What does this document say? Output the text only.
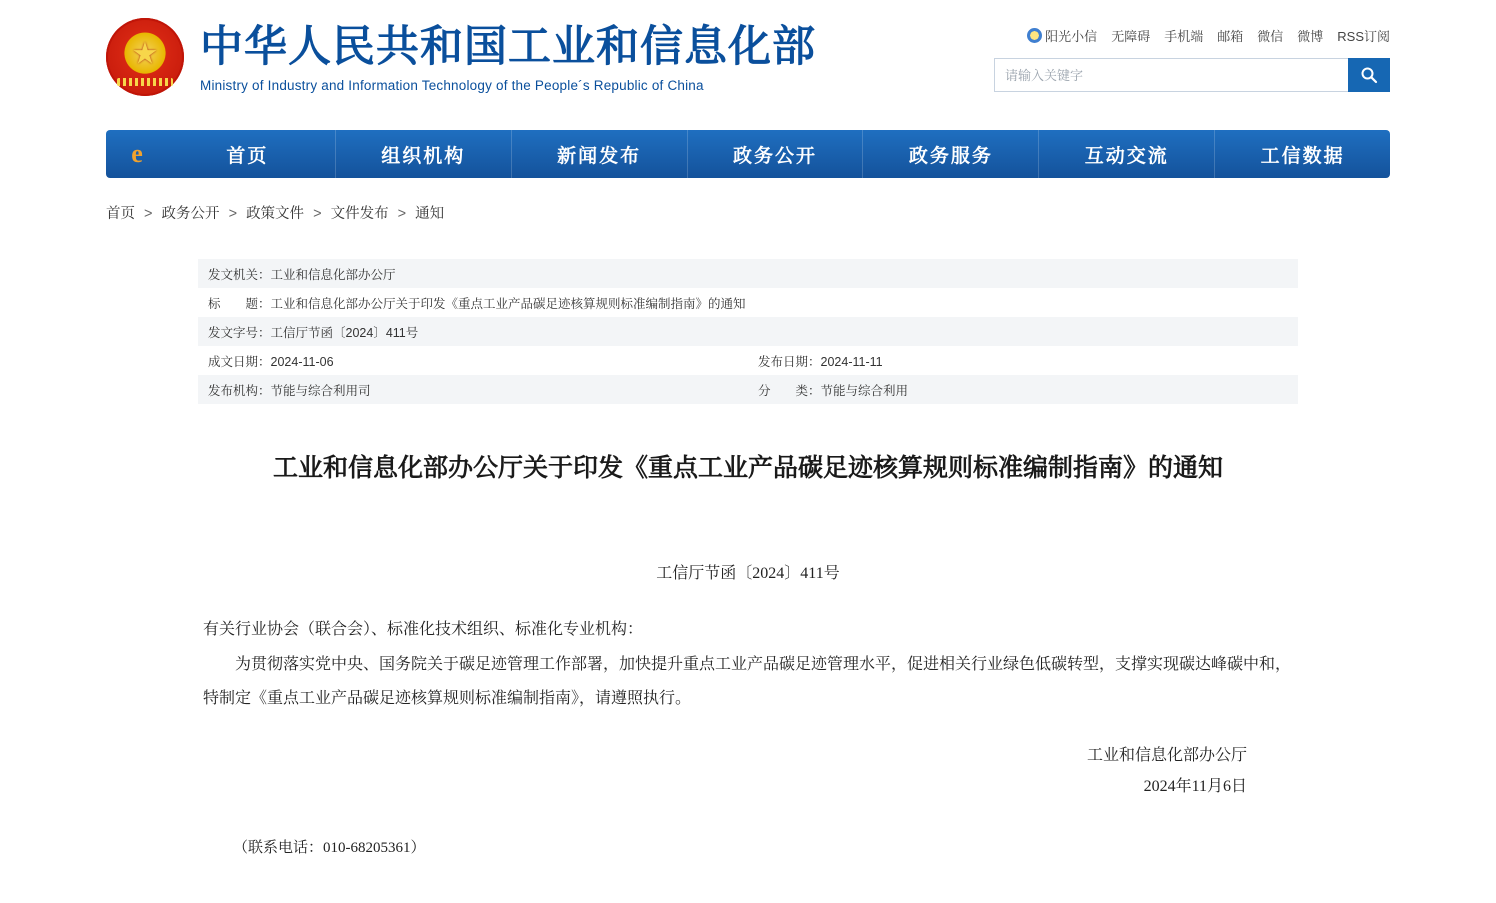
★
中华人民共和国工业和信息化部
Ministry of Industry and Information Technology of the People´s Republic of China
阳光小信 无障碍 手机端 邮箱 微信 微博 RSS订阅
请输入关键字
e	首页	组织机构	新闻发布	政务公开	政务服务	互动交流	工信数据
首页 > 政务公开 > 政策文件 > 文件发布 > 通知
发文机关：工业和信息化部办公厅	
标　　题：工业和信息化部办公厅关于印发《重点工业产品碳足迹核算规则标准编制指南》的通知	
发文字号：工信厅节函〔2024〕411号	
成文日期：2024-11-06	发布日期：2024-11-11
发布机构：节能与综合利用司	分　　类：节能与综合利用
工业和信息化部办公厅关于印发《重点工业产品碳足迹核算规则标准编制指南》的通知
工信厅节函〔2024〕411号

有关行业协会（联合会）、标准化技术组织、标准化专业机构：

为贯彻落实党中央、国务院关于碳足迹管理工作部署，加快提升重点工业产品碳足迹管理水平，促进相关行业绿色低碳转型，支撑实现碳达峰碳中和，特制定《重点工业产品碳足迹核算规则标准编制指南》，请遵照执行。

工业和信息化部办公厅
2024年11月6日
（联系电话：010-68205361）
